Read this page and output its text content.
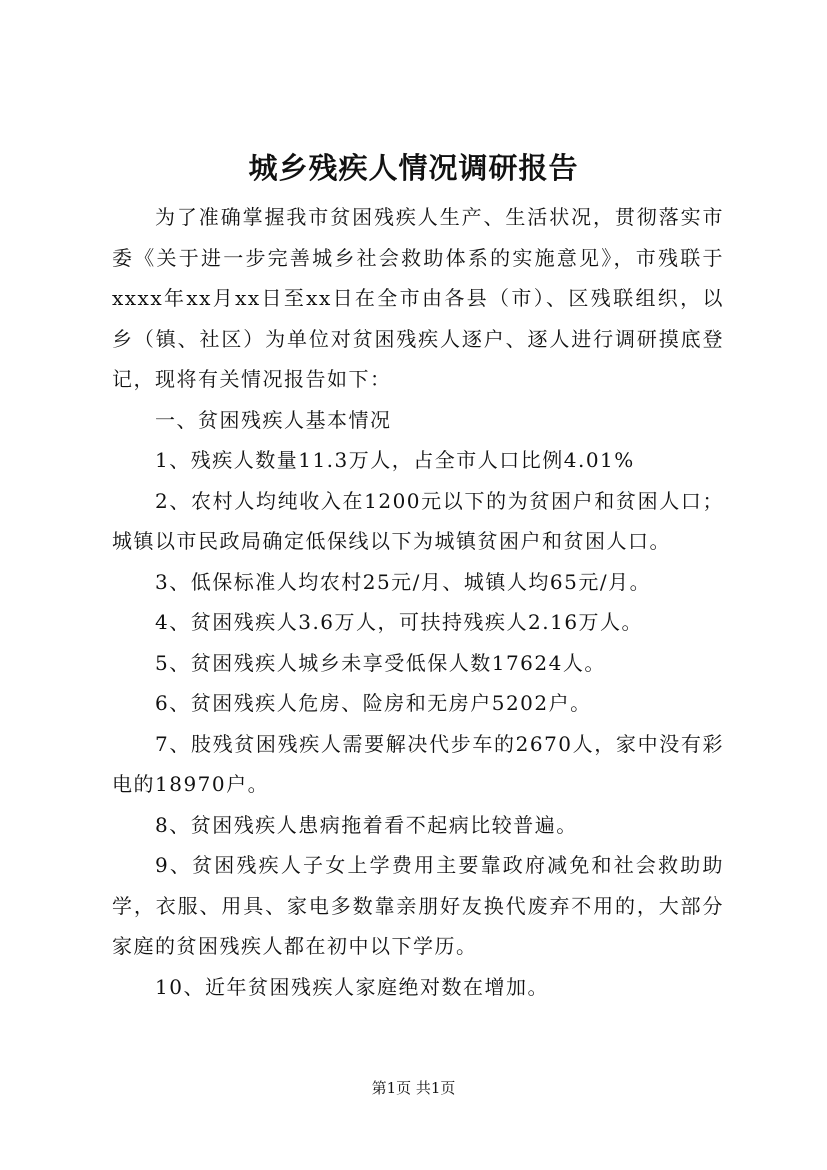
城乡残疾人情况调研报告

为了准确掌握我市贫困残疾人生产、生活状况，贯彻落实市委《关于进一步完善城乡社会救助体系的实施意见》，市残联于xxxx年xx月xx日至xx日在全市由各县（市）、区残联组织，以乡（镇、社区）为单位对贫困残疾人逐户、逐人进行调研摸底登记，现将有关情况报告如下：

一、贫困残疾人基本情况

1、残疾人数量11.3万人，占全市人口比例4.01%

2、农村人均纯收入在1200元以下的为贫困户和贫困人口；城镇以市民政局确定低保线以下为城镇贫困户和贫困人口。

3、低保标准人均农村25元/月、城镇人均65元/月。

4、贫困残疾人3.6万人，可扶持残疾人2.16万人。

5、贫困残疾人城乡未享受低保人数17624人。

6、贫困残疾人危房、险房和无房户5202户。

7、肢残贫困残疾人需要解决代步车的2670人，家中没有彩电的18970户。

8、贫困残疾人患病拖着看不起病比较普遍。

9、贫困残疾人子女上学费用主要靠政府减免和社会救助助学，衣服、用具、家电多数靠亲朋好友换代废弃不用的，大部分家庭的贫困残疾人都在初中以下学历。

10、近年贫困残疾人家庭绝对数在增加。

第1页 共1页
